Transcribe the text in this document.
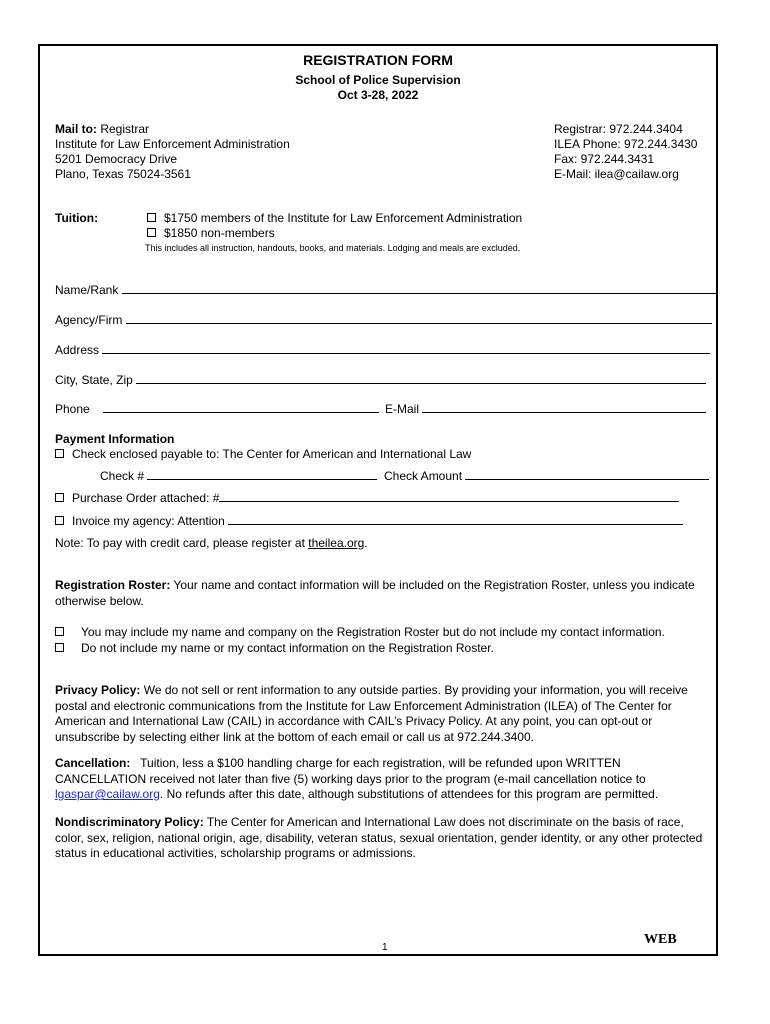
REGISTRATION FORM
School of Police Supervision
Oct 3-28, 2022
Mail to: Registrar
Institute for Law Enforcement Administration
5201 Democracy Drive
Plano, Texas 75024-3561
Registrar: 972.244.3404
ILEA Phone: 972.244.3430
Fax: 972.244.3431
E-Mail: ilea@cailaw.org
Tuition:	$1750 members of the Institute for Law Enforcement Administration
$1850 non-members
This includes all instruction, handouts, books, and materials. Lodging and meals are excluded.
Name/Rank
Agency/Firm
Address
City, State, Zip
Phone	E-Mail
Payment Information
Check enclosed payable to: The Center for American and International Law
Check #	Check Amount
Purchase Order attached: #
Invoice my agency: Attention
Note: To pay with credit card, please register at theilea.org.
Registration Roster: Your name and contact information will be included on the Registration Roster, unless you indicate otherwise below.
You may include my name and company on the Registration Roster but do not include my contact information.
Do not include my name or my contact information on the Registration Roster.
Privacy Policy: We do not sell or rent information to any outside parties. By providing your information, you will receive postal and electronic communications from the Institute for Law Enforcement Administration (ILEA) of The Center for American and International Law (CAIL) in accordance with CAIL’s Privacy Policy. At any point, you can opt-out or unsubscribe by selecting either link at the bottom of each email or call us at 972.244.3400.
Cancellation: Tuition, less a $100 handling charge for each registration, will be refunded upon WRITTEN CANCELLATION received not later than five (5) working days prior to the program (e-mail cancellation notice to lgaspar@cailaw.org. No refunds after this date, although substitutions of attendees for this program are permitted.
Nondiscriminatory Policy: The Center for American and International Law does not discriminate on the basis of race, color, sex, religion, national origin, age, disability, veteran status, sexual orientation, gender identity, or any other protected status in educational activities, scholarship programs or admissions.
1
WEB
